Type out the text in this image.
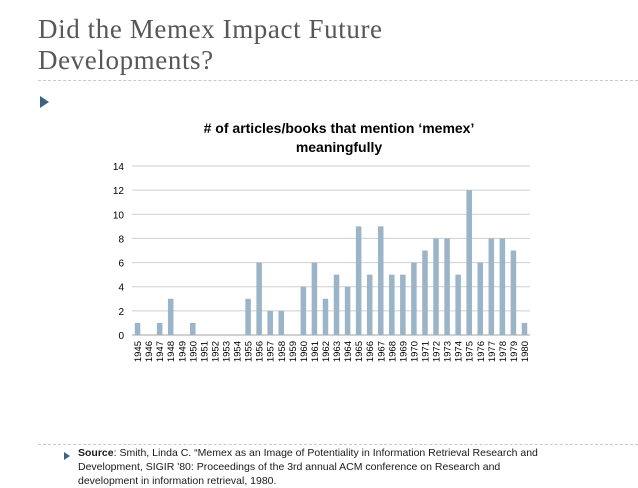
Did the Memex Impact Future
Developments?
# of articles/books that mention ‘memex’
meaningfully
0
2
4
6
8
10
12
14
1945 1946 1947 1948 1949 1950 1951 1952 1953 1954 1955 1956 1957 1958 1959 1960 1961 1962 1963 1964 1965 1966 1967 1968 1969 1970 1971 1972 1973 1974 1975 1976 1977 1978 1979 1980
Source: Smith, Linda C. “Memex as an Image of Potentiality in Information Retrieval Research and Development, SIGIR '80: Proceedings of the 3rd annual ACM conference on Research and development in information retrieval, 1980.
